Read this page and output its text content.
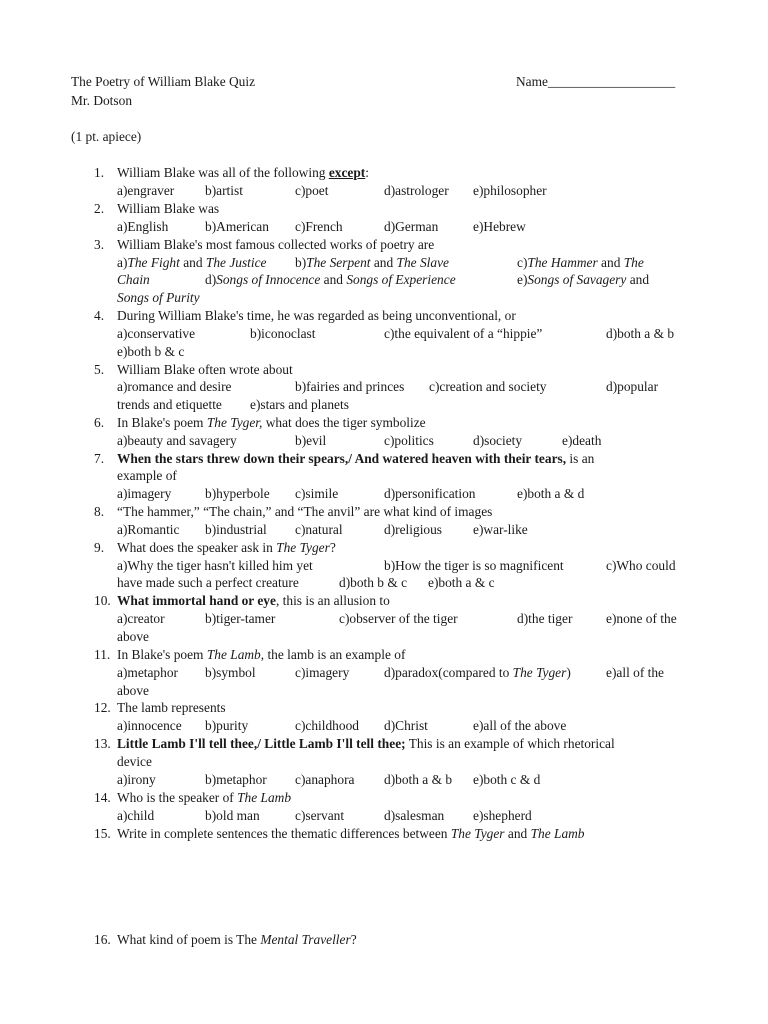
The Poetry of William Blake Quiz	Name___________________
Mr. Dotson
(1 pt. apiece)
1. William Blake was all of the following except:
a)engraver b)artist	c)poet	d)astrologer e)philosopher
2. William Blake was
a)English	b)American c)French	d)German	e)Hebrew
3. William Blake's most famous collected works of poetry are
a)The Fight and The Justice b)The Serpent and The Slave	c)The Hammer and The
Chain	d)Songs of Innocence and Songs of Experience	e)Songs of Savagery and
Songs of Purity
4. During William Blake's time, he was regarded as being unconventional, or
a)conservative	b)iconoclast	c)the equivalent of a “hippie”	d)both a & b
e)both b & c
5. William Blake often wrote about
a)romance and desire	b)fairies and princes c)creation and society	d)popular
trends and etiquette e)stars and planets
6. In Blake's poem The Tyger, what does the tiger symbolize
a)beauty and savagery	b)evil	c)politics	d)society	e)death
7. When the stars threw down their spears,/ And watered heaven with their tears, is an
example of
a)imagery	b)hyperbole c)simile	d)personification	e)both a & d
8. “The hammer,” “The chain,” and “The anvil” are what kind of images
a)Romantic b)industrial c)natural	d)religious e)war-like
9. What does the speaker ask in The Tyger?
a)Why the tiger hasn't killed him yet	b)How the tiger is so magnificent	c)Who could
have made such a perfect creature	d)both b & c e)both a & c
10. What immortal hand or eye, this is an allusion to
a)creator	b)tiger-tamer	c)observer of the tiger	d)the tiger	e)none of the
above
11. In Blake's poem The Lamb, the lamb is an example of
a)metaphor b)symbol	c)imagery	d)paradox(compared to The Tyger)	e)all of the
above
12. The lamb represents
a)innocence b)purity	c)childhood d)Christ	e)all of the above
13. Little Lamb I'll tell thee,/ Little Lamb I'll tell thee; This is an example of which rhetorical
device
a)irony	b)metaphor c)anaphora d)both a & b e)both c & d
14. Who is the speaker of The Lamb
a)child	b)old man	c)servant	d)salesman e)shepherd
15. Write in complete sentences the thematic differences between The Tyger and The Lamb
16. What kind of poem is The Mental Traveller?
